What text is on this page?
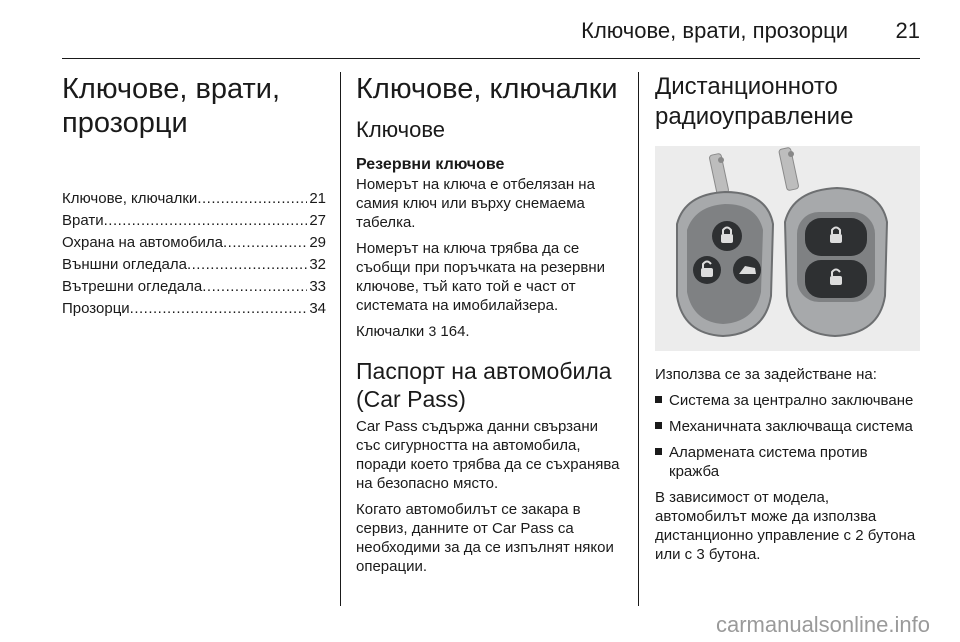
Ключове, врати, прозорци 21
Ключове, врати,
прозорци
Ключове, ключалки .....	21
Врати .....	27
Охрана на автомобила .....	29
Външни огледала .....	32
Вътрешни огледала .....	33
Прозорци .....	34
Ключове, ключалки
Ключове
Резервни ключове

Номерът на ключа е отбелязан на самия ключ или върху снемаема табелка.

Номерът на ключа трябва да се съобщи при поръчката на резервни ключове, тъй като той е част от системата на имобилайзера.

Ключалки 3 164.

Паспорт на автомобила
(Car Pass)

Car Pass съдържа данни свързани със сигурността на автомобила, поради което трябва да се съхранява на безопасно място.

Когато автомобилът се закара в сервиз, данните от Car Pass са необходими за да се изпълнят някои операции.

Дистанционното
радиоуправление

Използва се за задействане на:

Система за централно заключване
Механичната заключваща система
Алармената система против кражба

В зависимост от модела, автомобилът може да използва дистанционно управление с 2 бутона или с 3 бутона.

carmanualsonline.info
